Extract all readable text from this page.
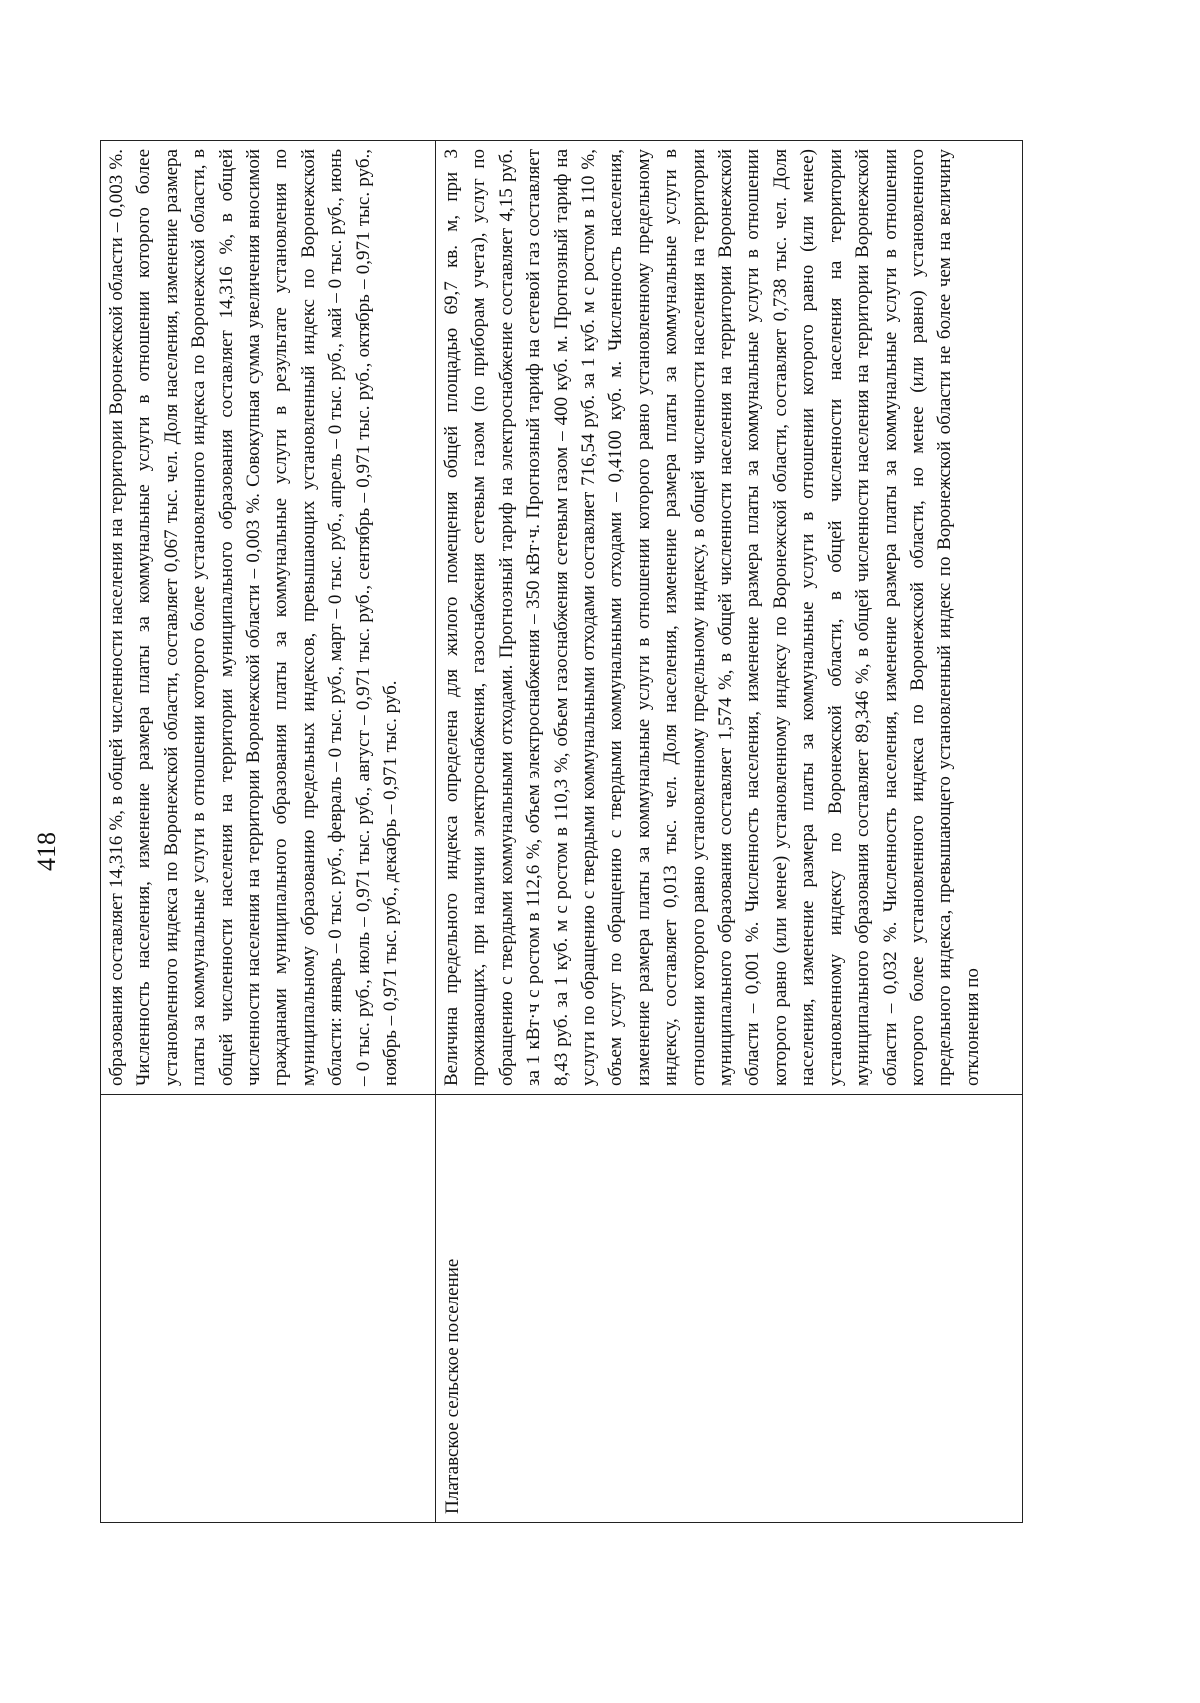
418

	образования составляет 14,316 %, в общей численности населения на территории Воронежской области – 0,003 %. Численность населения, изменение размера платы за коммунальные услуги в отношении которого более установленного индекса по Воронежской области, составляет 0,067 тыс. чел. Доля населения, изменение размера платы за коммунальные услуги в отношении которого более установленного индекса по Воронежской области, в общей численности населения на территории муниципального образования составляет 14,316 %, в общей численности населения на территории Воронежской области – 0,003 %. Совокупная сумма увеличения вносимой гражданами муниципального образования платы за коммунальные услуги в результате установления по муниципальному образованию предельных индексов, превышающих установленный индекс по Воронежской области: январь – 0 тыс. руб., февраль – 0 тыс. руб., март – 0 тыс. руб., апрель – 0 тыс. руб., май – 0 тыс. руб., июнь – 0 тыс. руб., июль – 0,971 тыс. руб., август – 0,971 тыс. руб., сентябрь – 0,971 тыс. руб., октябрь – 0,971 тыс. руб., ноябрь – 0,971 тыс. руб., декабрь – 0,971 тыс. руб.

Платавское сельское поселение	Величина предельного индекса определена для жилого помещения общей площадью 69,7 кв. м, при 3 проживающих, при наличии электроснабжения, газоснабжения сетевым газом (по приборам учета), услуг по обращению с твердыми коммунальными отходами. Прогнозный тариф на электроснабжение составляет 4,15 руб. за 1 кВт·ч с ростом в 112,6 %, объем электроснабжения – 350 кВт·ч. Прогнозный тариф на сетевой газ составляет 8,43 руб. за 1 куб. м с ростом в 110,3 %, объем газоснабжения сетевым газом – 400 куб. м. Прогнозный тариф на услуги по обращению с твердыми коммунальными отходами составляет 716,54 руб. за 1 куб. м с ростом в 110 %, объем услуг по обращению с твердыми коммунальными отходами – 0,4100 куб. м. Численность населения, изменение размера платы за коммунальные услуги в отношении которого равно установленному предельному индексу, составляет 0,013 тыс. чел. Доля населения, изменение размера платы за коммунальные услуги в отношении которого равно установленному предельному индексу, в общей численности населения на территории муниципального образования составляет 1,574 %, в общей численности населения на территории Воронежской области – 0,001 %. Численность населения, изменение размера платы за коммунальные услуги в отношении которого равно (или менее) установленному индексу по Воронежской области, составляет 0,738 тыс. чел. Доля населения, изменение размера платы за коммунальные услуги в отношении которого равно (или менее) установленному индексу по Воронежской области, в общей численности населения на территории муниципального образования составляет 89,346 %, в общей численности населения на территории Воронежской области – 0,032 %. Численность населения, изменение размера платы за коммунальные услуги в отношении которого более установленного индекса по Воронежской области, но менее (или равно) установленного предельного индекса, превышающего установленный индекс по Воронежской области не более чем на величину отклонения по
